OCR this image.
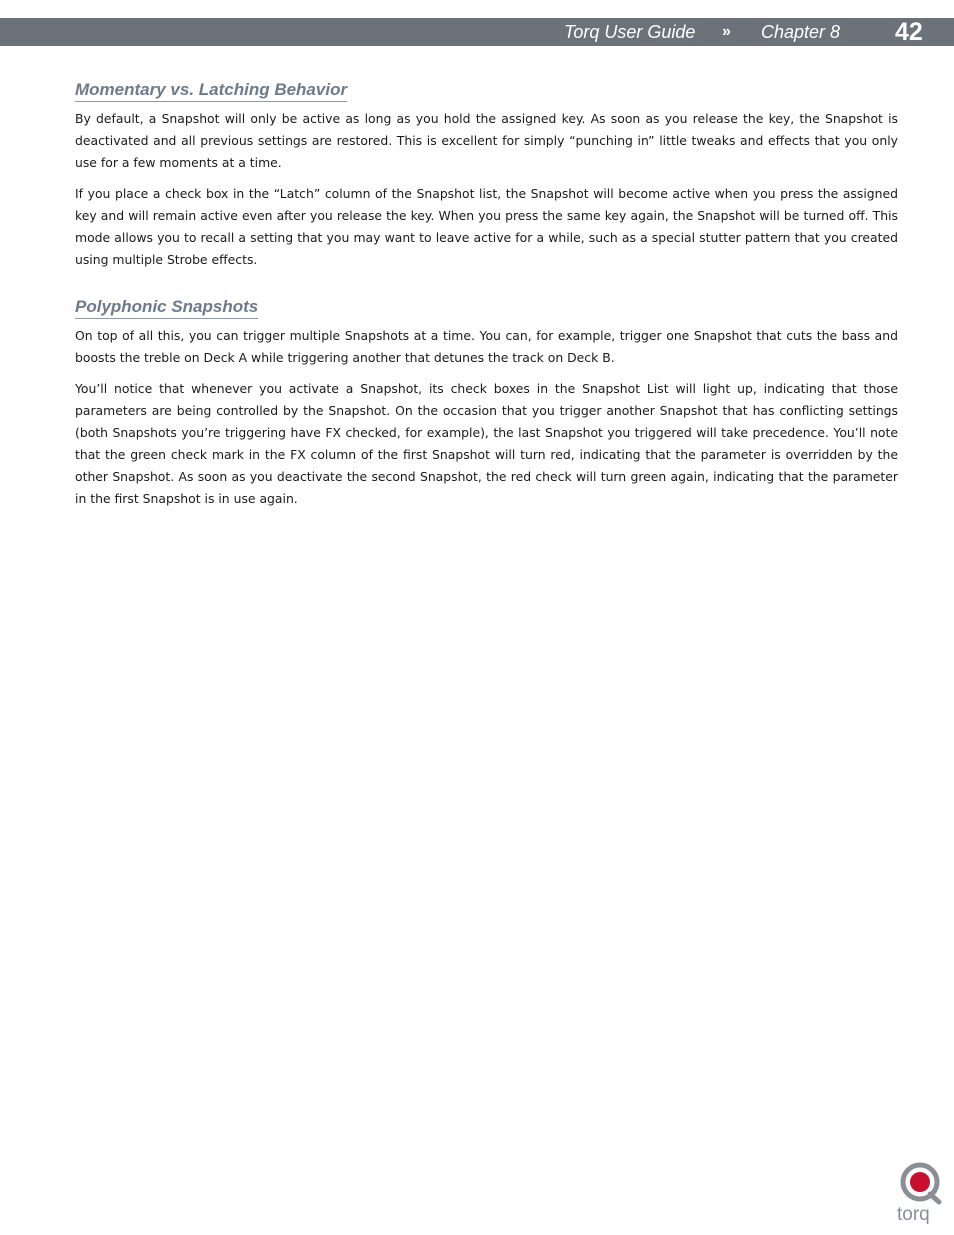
Torq User Guide » Chapter 8 42
Momentary vs. Latching Behavior

By default, a Snapshot will only be active as long as you hold the assigned key. As soon as you release the key, the Snapshot is deactivated and all previous settings are restored. This is excellent for simply “punching in” little tweaks and effects that you only use for a few moments at a time.

If you place a check box in the “Latch” column of the Snapshot list, the Snapshot will become active when you press the assigned key and will remain active even after you release the key. When you press the same key again, the Snapshot will be turned off. This mode allows you to recall a setting that you may want to leave active for a while, such as a special stutter pattern that you created using multiple Strobe effects.

Polyphonic Snapshots

On top of all this, you can trigger multiple Snapshots at a time. You can, for example, trigger one Snapshot that cuts the bass and boosts the treble on Deck A while triggering another that detunes the track on Deck B.

You’ll notice that whenever you activate a Snapshot, its check boxes in the Snapshot List will light up, indicating that those parameters are being controlled by the Snapshot. On the occasion that you trigger another Snapshot that has conflicting settings (both Snapshots you’re triggering have FX checked, for example), the last Snapshot you triggered will take precedence. You’ll note that the green check mark in the FX column of the first Snapshot will turn red, indicating that the parameter is overridden by the other Snapshot. As soon as you deactivate the second Snapshot, the red check will turn green again, indicating that the parameter in the first Snapshot is in use again.

torq
